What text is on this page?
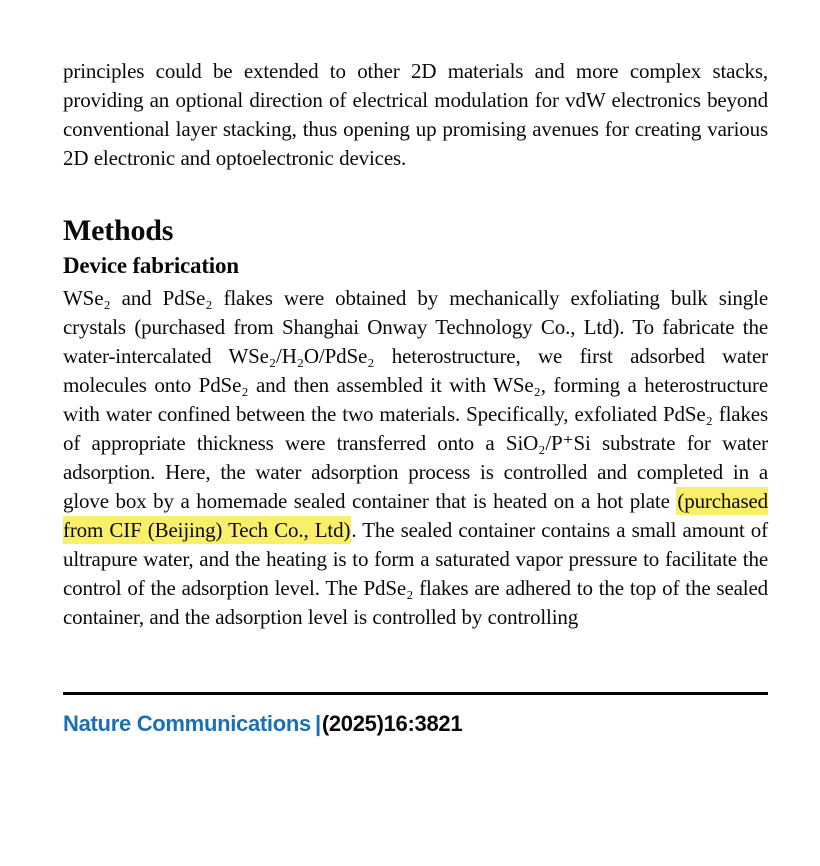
principles could be extended to other 2D materials and more complex stacks, providing an optional direction of electrical modulation for vdW electronics beyond conventional layer stacking, thus opening up promising avenues for creating various 2D electronic and optoelectronic devices.

Methods
Device fabrication

WSe₂ and PdSe₂ flakes were obtained by mechanically exfoliating bulk single crystals (purchased from Shanghai Onway Technology Co., Ltd). To fabricate the water-intercalated WSe₂/H₂O/PdSe₂ heterostructure, we first adsorbed water molecules onto PdSe₂ and then assembled it with WSe₂, forming a heterostructure with water confined between the two materials. Specifically, exfoliated PdSe₂ flakes of appropriate thickness were transferred onto a SiO₂/P⁺Si substrate for water adsorption. Here, the water adsorption process is controlled and completed in a glove box by a homemade sealed container that is heated on a hot plate (purchased from CIF (Beijing) Tech Co., Ltd). The sealed container contains a small amount of ultrapure water, and the heating is to form a saturated vapor pressure to facilitate the control of the adsorption level. The PdSe₂ flakes are adhered to the top of the sealed container, and the adsorption level is controlled by controlling

Nature Communications |(2025)16:3821
